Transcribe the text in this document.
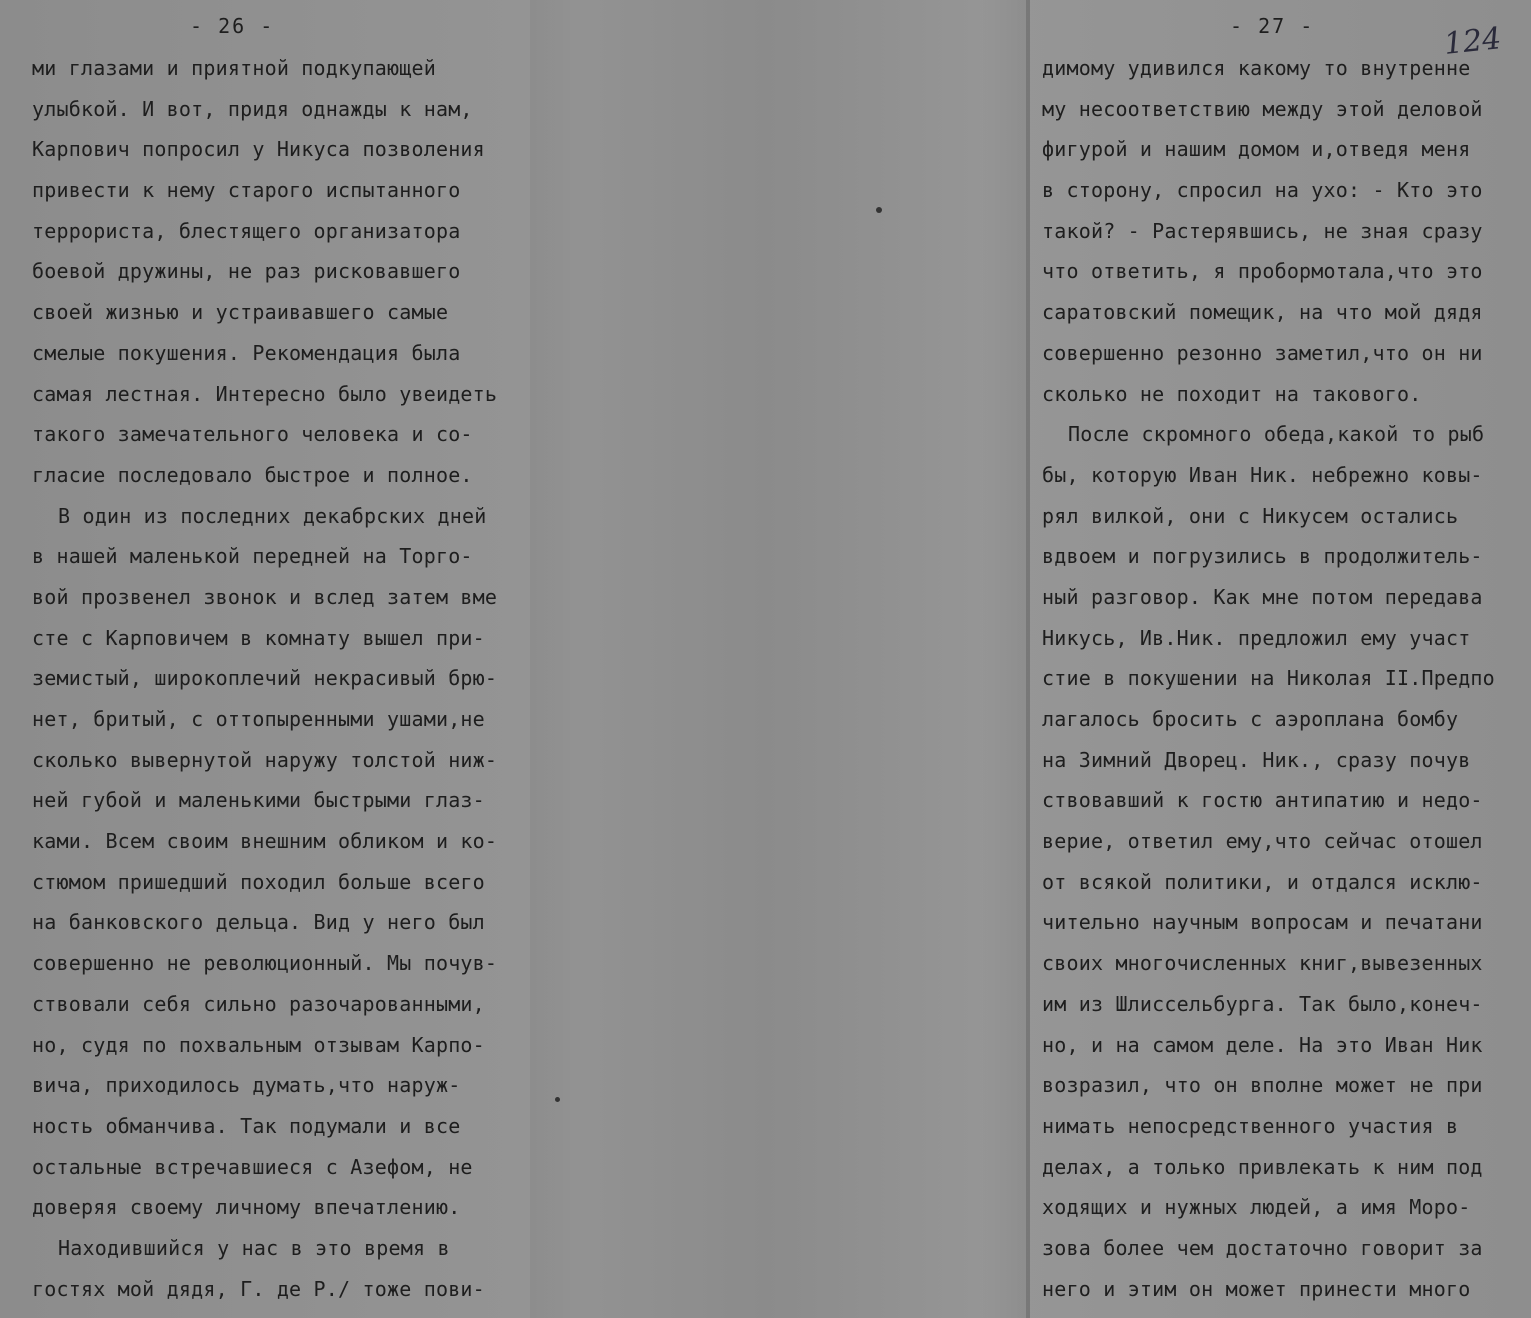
- 26 -
ми глазами и приятной подкупающей
улыбкой. И вот, придя однажды к нам,
Карпович попросил у Никуса позволения
привести к нему старого испытанного
террориста, блестящего организатора
боевой дружины, не раз рисковавшего
своей жизнью и устраивавшего самые
смелые покушения. Рекомендация была
самая лестная. Интересно было увеидеть
такого замечательного человека и со-
гласие последовало быстрое и полное.
В один из последних декабрских дней
в нашей маленькой передней на Торго-
вой прозвенел звонок и вслед затем вме
сте с Карповичем в комнату вышел при-
земистый, широкоплечий некрасивый брю-
нет, бритый, с оттопыренными ушами,не
сколько вывернутой наружу толстой ниж-
ней губой и маленькими быстрыми глаз-
ками. Всем своим внешним обликом и ко-
стюмом пришедший походил больше всего
на банковского дельца. Вид у него был
совершенно не революционный. Мы почув-
ствовали себя сильно разочарованными,
но, судя по похвальным отзывам Карпо-
вича, приходилось думать,что наруж-
ность обманчива. Так подумали и все
остальные встречавшиеся с Азефом, не
доверяя своему личному впечатлению.
Находившийся у нас в это время в
гостях мой дядя, Г. де Р./ тоже пови-
- 27 -	124
димому удивился какому то внутренне
му несоответствию между этой деловой
фигурой и нашим домом и,отведя меня
в сторону, спросил на ухо: - Кто это
такой? - Растерявшись, не зная сразу
что ответить, я пробормотала,что это
саратовский помещик, на что мой дядя
совершенно резонно заметил,что он ни
сколько не походит на такового.
После скромного обеда,какой то рыб
бы, которую Иван Ник. небрежно ковы-
рял вилкой, они с Никусем остались
вдвоем и погрузились в продолжитель-
ный разговор. Как мне потом передава
Никусь, Ив.Ник. предложил ему участ
стие в покушении на Николая II.Предпо
лагалось бросить с аэроплана бомбу
на Зимний Дворец. Ник., сразу почув
ствовавший к гостю антипатию и недо-
верие, ответил ему,что сейчас отошел
от всякой политики, и отдался исклю-
чительно научным вопросам и печатани
своих многочисленных книг,вывезенных
им из Шлиссельбурга. Так было,конеч-
но, и на самом деле. На это Иван Ник
возразил, что он вполне может не при
нимать непосредственного участия в
делах, а только привлекать к ним под
ходящих и нужных людей, а имя Моро-
зова более чем достаточно говорит за
него и этим он может принести много
